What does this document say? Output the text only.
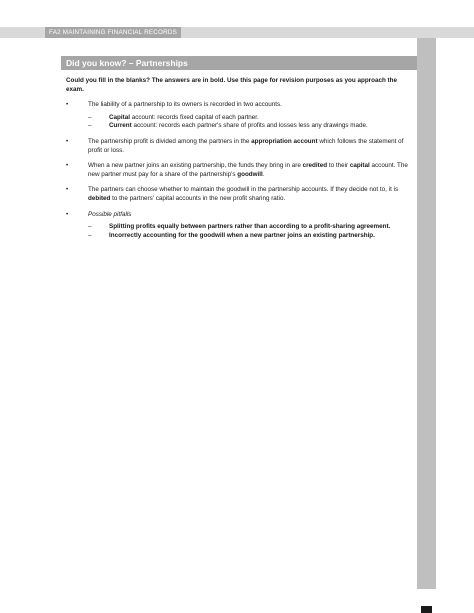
FA2 MAINTAINING FINANCIAL RECORDS
Did you know? – Partnerships
Could you fill in the blanks? The answers are in bold. Use this page for revision purposes as you approach the exam.
•	The liability of a partnership to its owners is recorded in two accounts.
–	Capital account: records fixed capital of each partner.
–	Current account: records each partner's share of profits and losses less any drawings made.
•	The partnership profit is divided among the partners in the appropriation account which follows the statement of profit or loss.
•	When a new partner joins an existing partnership, the funds they bring in are credited to their capital account. The new partner must pay for a share of the partnership's goodwill.
•	The partners can choose whether to maintain the goodwill in the partnership accounts. If they decide not to, it is debited to the partners' capital accounts in the new profit sharing ratio.
•	Possible pitfalls
–	Splitting profits equally between partners rather than according to a profit-sharing agreement.
–	Incorrectly accounting for the goodwill when a new partner joins an existing partnership.
